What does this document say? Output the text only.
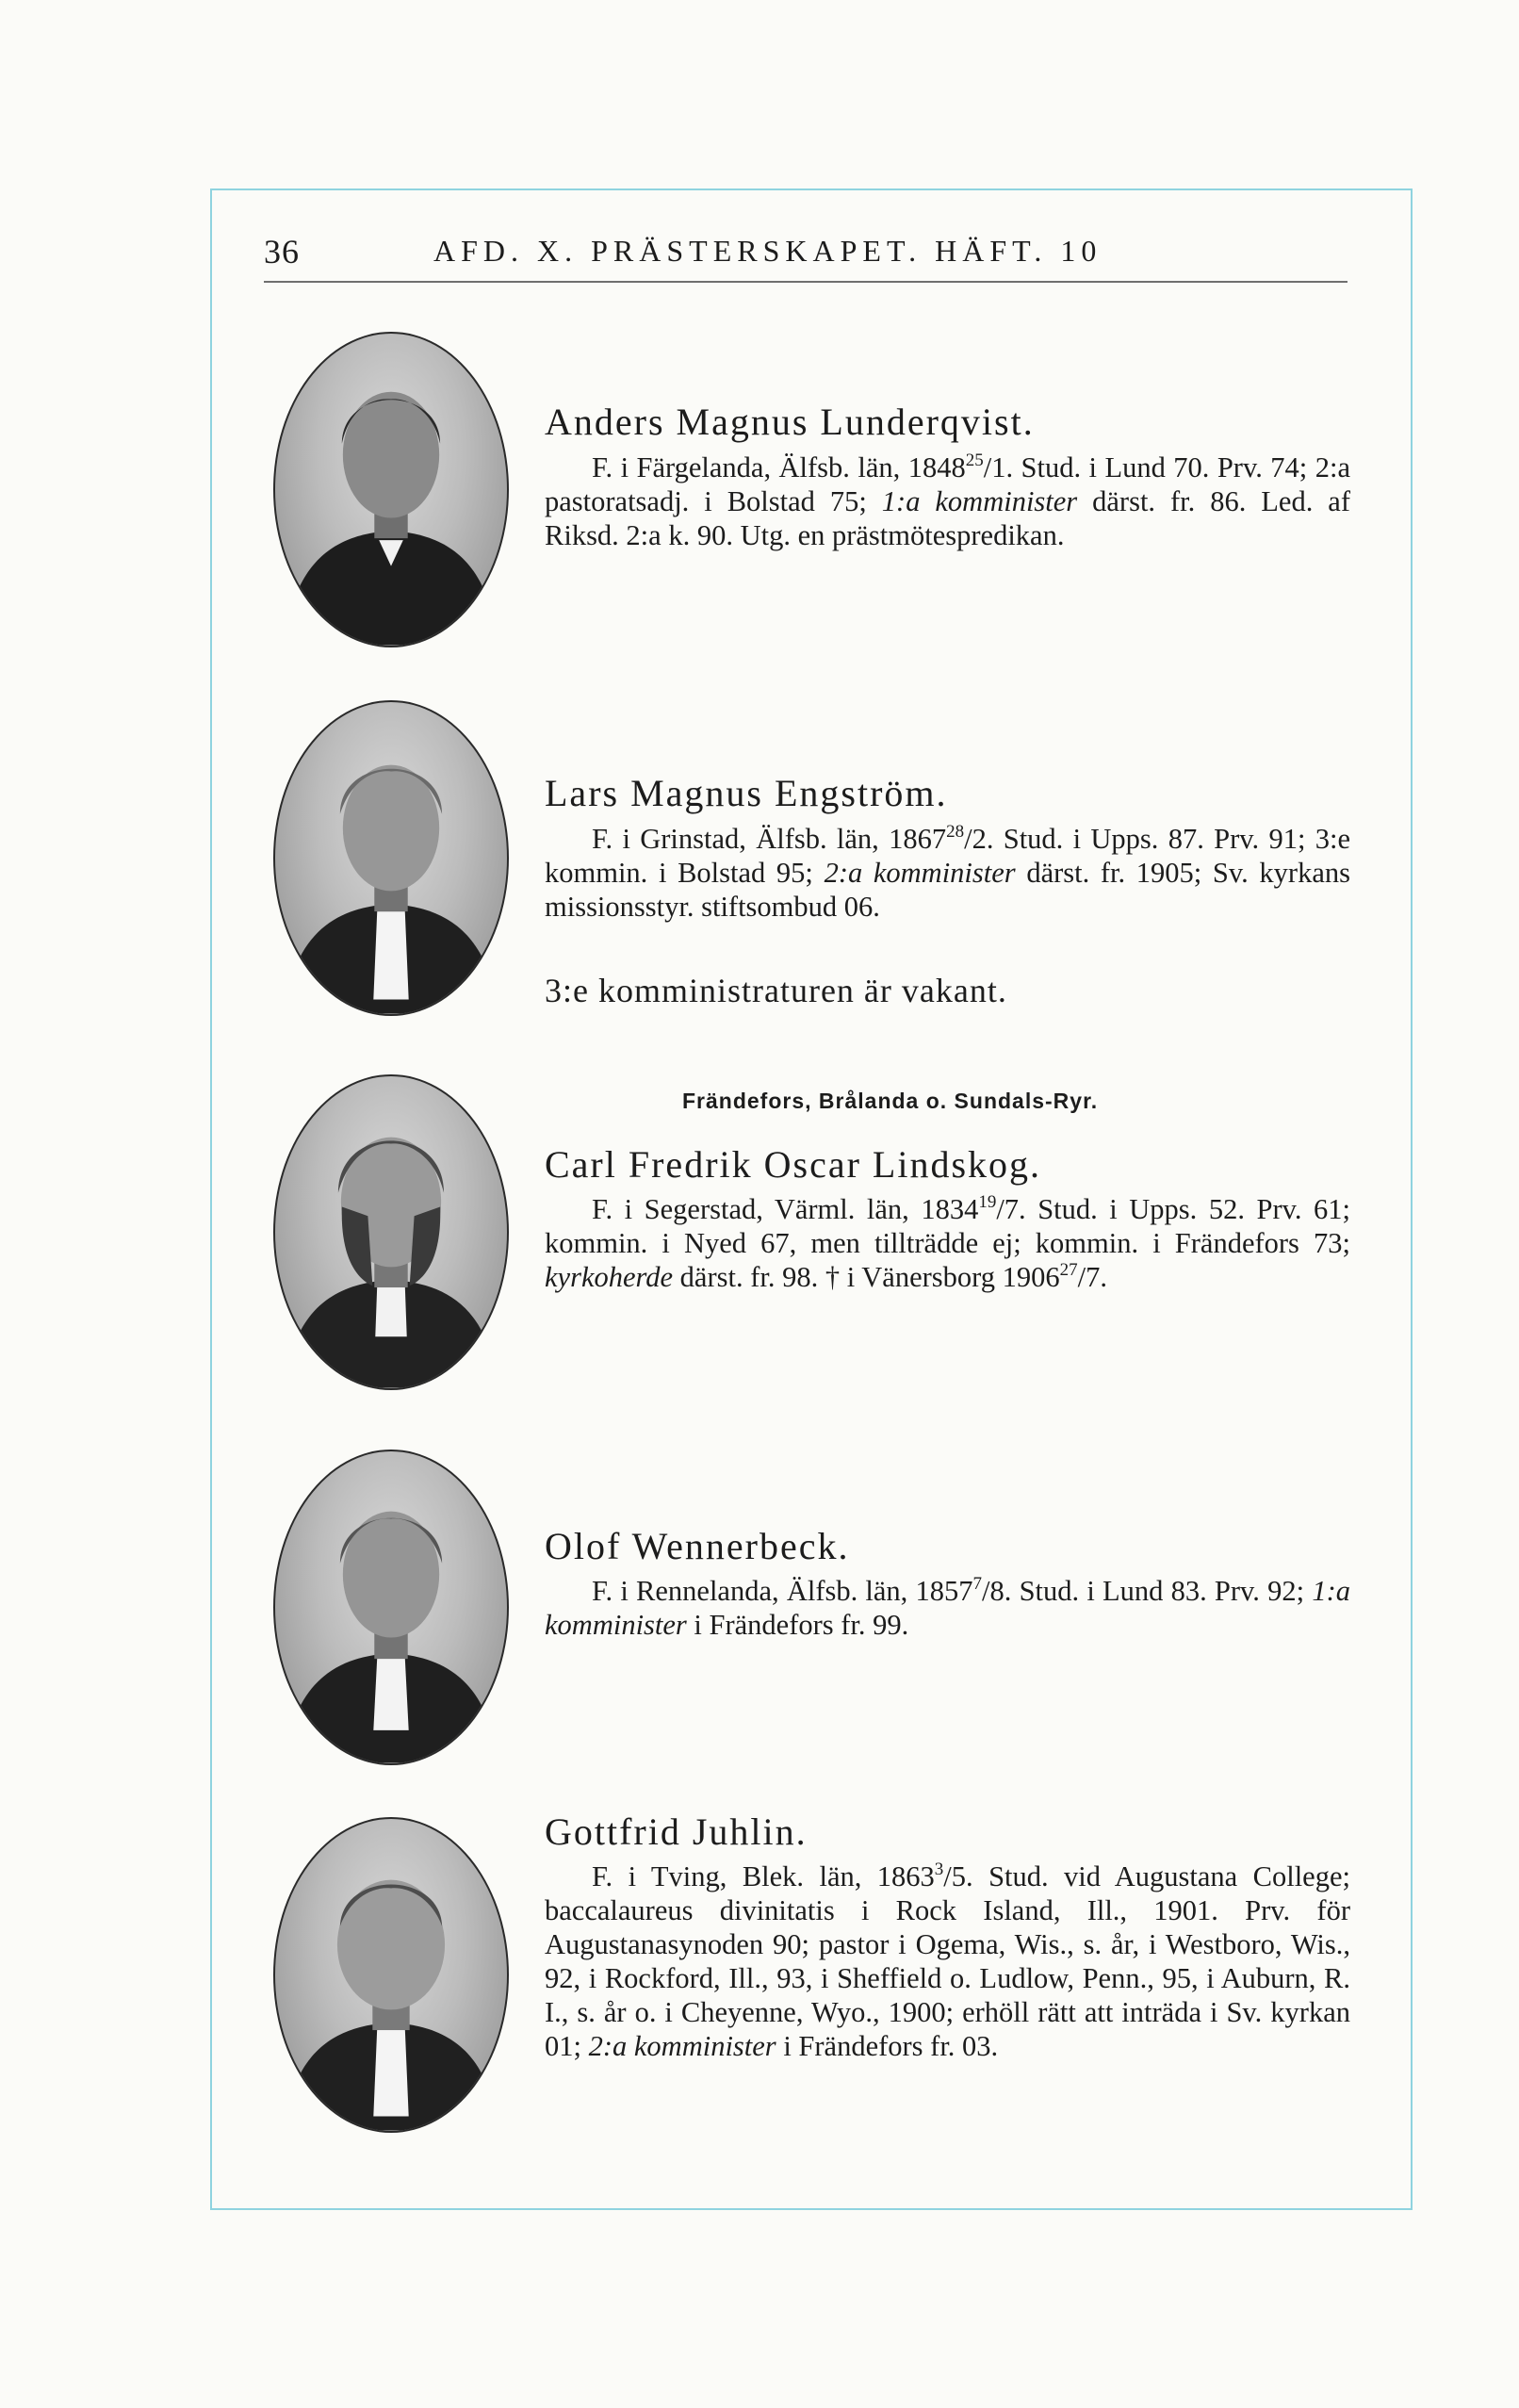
36	AFD. X. PRÄSTERSKAPET. HÄFT. 10
Anders Magnus Lunderqvist.
F. i Färgelanda, Älfsb. län, 1848$^{25}$/1. Stud. i Lund 70. Prv. 74; 2:a pastoratsadj. i Bolstad 75; 1:a komminister därst. fr. 86. Led. af Riksd. 2:a k. 90. Utg. en prästmötespredikan.
Lars Magnus Engström.
F. i Grinstad, Älfsb. län, 1867$^{28}$/2. Stud. i Upps. 87. Prv. 91; 3:e kommin. i Bolstad 95; 2:a komminister därst. fr. 1905; Sv. kyrkans missionsstyr. stiftsombud 06.
3:e komministraturen är vakant.
Frändefors, Brålanda o. Sundals-Ryr.
Carl Fredrik Oscar Lindskog.
F. i Segerstad, Värml. län, 1834$^{19}$/7. Stud. i Upps. 52. Prv. 61; kommin. i Nyed 67, men tillträdde ej; kommin. i Frändefors 73; kyrkoherde därst. fr. 98. † i Vänersborg 1906$^{27}$/7.
Olof Wennerbeck.
F. i Rennelanda, Älfsb. län, 1857$^7$/8. Stud. i Lund 83. Prv. 92; 1:a komminister i Frändefors fr. 99.
Gottfrid Juhlin.
F. i Tving, Blek. län, 1863$^3$/5. Stud. vid Augustana College; baccalaureus divinitatis i Rock Island, Ill., 1901. Prv. för Augustanasynoden 90; pastor i Ogema, Wis., s. år, i Westboro, Wis., 92, i Rockford, Ill., 93, i Sheffield o. Ludlow, Penn., 95, i Auburn, R. I., s. år o. i Cheyenne, Wyo., 1900; erhöll rätt att inträda i Sv. kyrkan 01; 2:a komminister i Frändefors fr. 03.
